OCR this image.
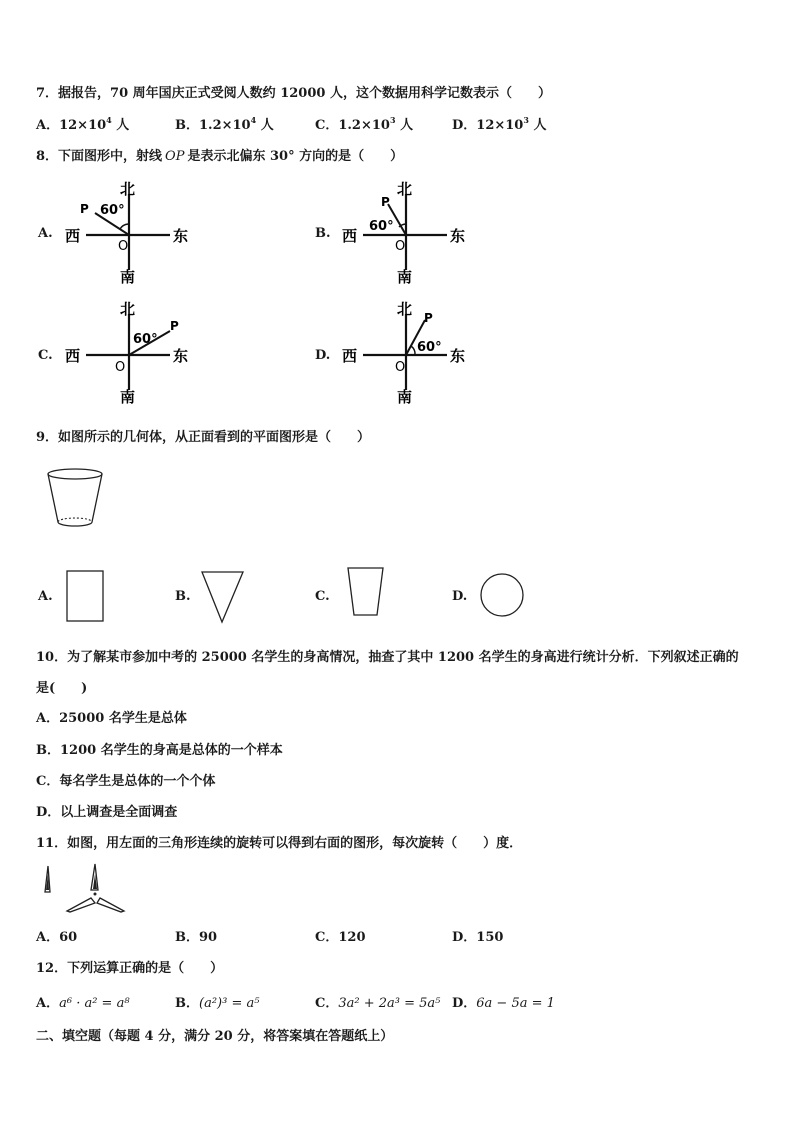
7．据报告，70 周年国庆正式受阅人数约 12000 人，这个数据用科学记数表示（　　）
A．$12\times 10^4$ 人	B．$1.2\times 10^4$ 人	C．$1.2\times 10^3$ 人	D．$12\times 10^3$ 人
8．下面图形中，射线 OP 是表示北偏东 30° 方向的是（　　）
A.	B.
C.	D.
北
南
西	东
O
P 60°
北
南
西	东
O
P
60°
北
南
西	东
O
P
60°
北
南
西	东
O
P
60°
9．如图所示的几何体，从正面看到的平面图形是（　　）
A.	B.	C.	D.
10．为了解某市参加中考的 25000 名学生的身高情况，抽查了其中 1200 名学生的身高进行统计分析．下列叙述正确的
是(　　)
A．25000 名学生是总体
B．1200 名学生的身高是总体的一个样本
C．每名学生是总体的一个个体
D．以上调查是全面调查
11．如图，用左面的三角形连续的旋转可以得到右面的图形，每次旋转（　　）度．
A．60	B．90	C．120	D．150
12．下列运算正确的是（　　）
A．a⁶ · a² = a⁸	B．(a²)³ = a⁵	C．3a² + 2a³ = 5a⁵ D．6a − 5a = 1
二、填空题（每题 4 分，满分 20 分，将答案填在答题纸上）
